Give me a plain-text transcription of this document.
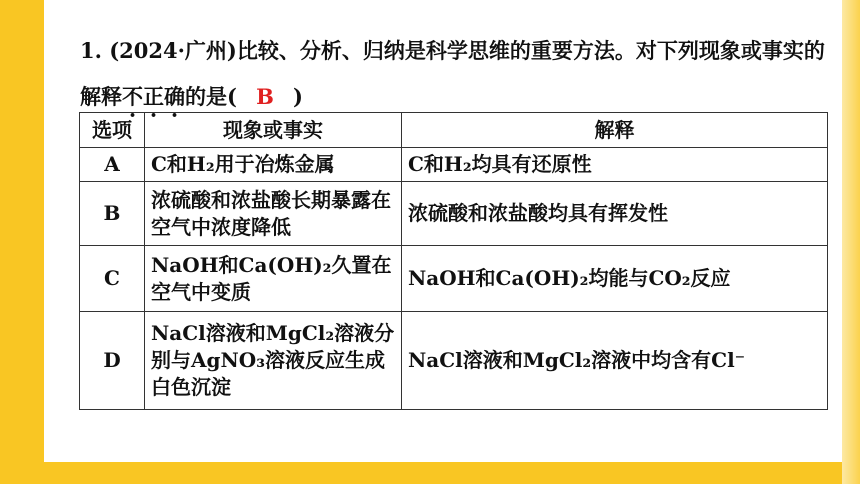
1. (2024·广州)比较、分析、归纳是科学思维的重要方法。对下列现象或事实的解释不正确的是( B )

选项	现象或事实	解释
A	C和H₂用于冶炼金属	C和H₂均具有还原性
B	浓硫酸和浓盐酸长期暴露在空气中浓度降低	浓硫酸和浓盐酸均具有挥发性
C	NaOH和Ca(OH)₂久置在空气中变质	NaOH和Ca(OH)₂均能与CO₂反应
D	NaCl溶液和MgCl₂溶液分别与AgNO₃溶液反应生成白色沉淀	NaCl溶液和MgCl₂溶液中均含有Cl⁻
